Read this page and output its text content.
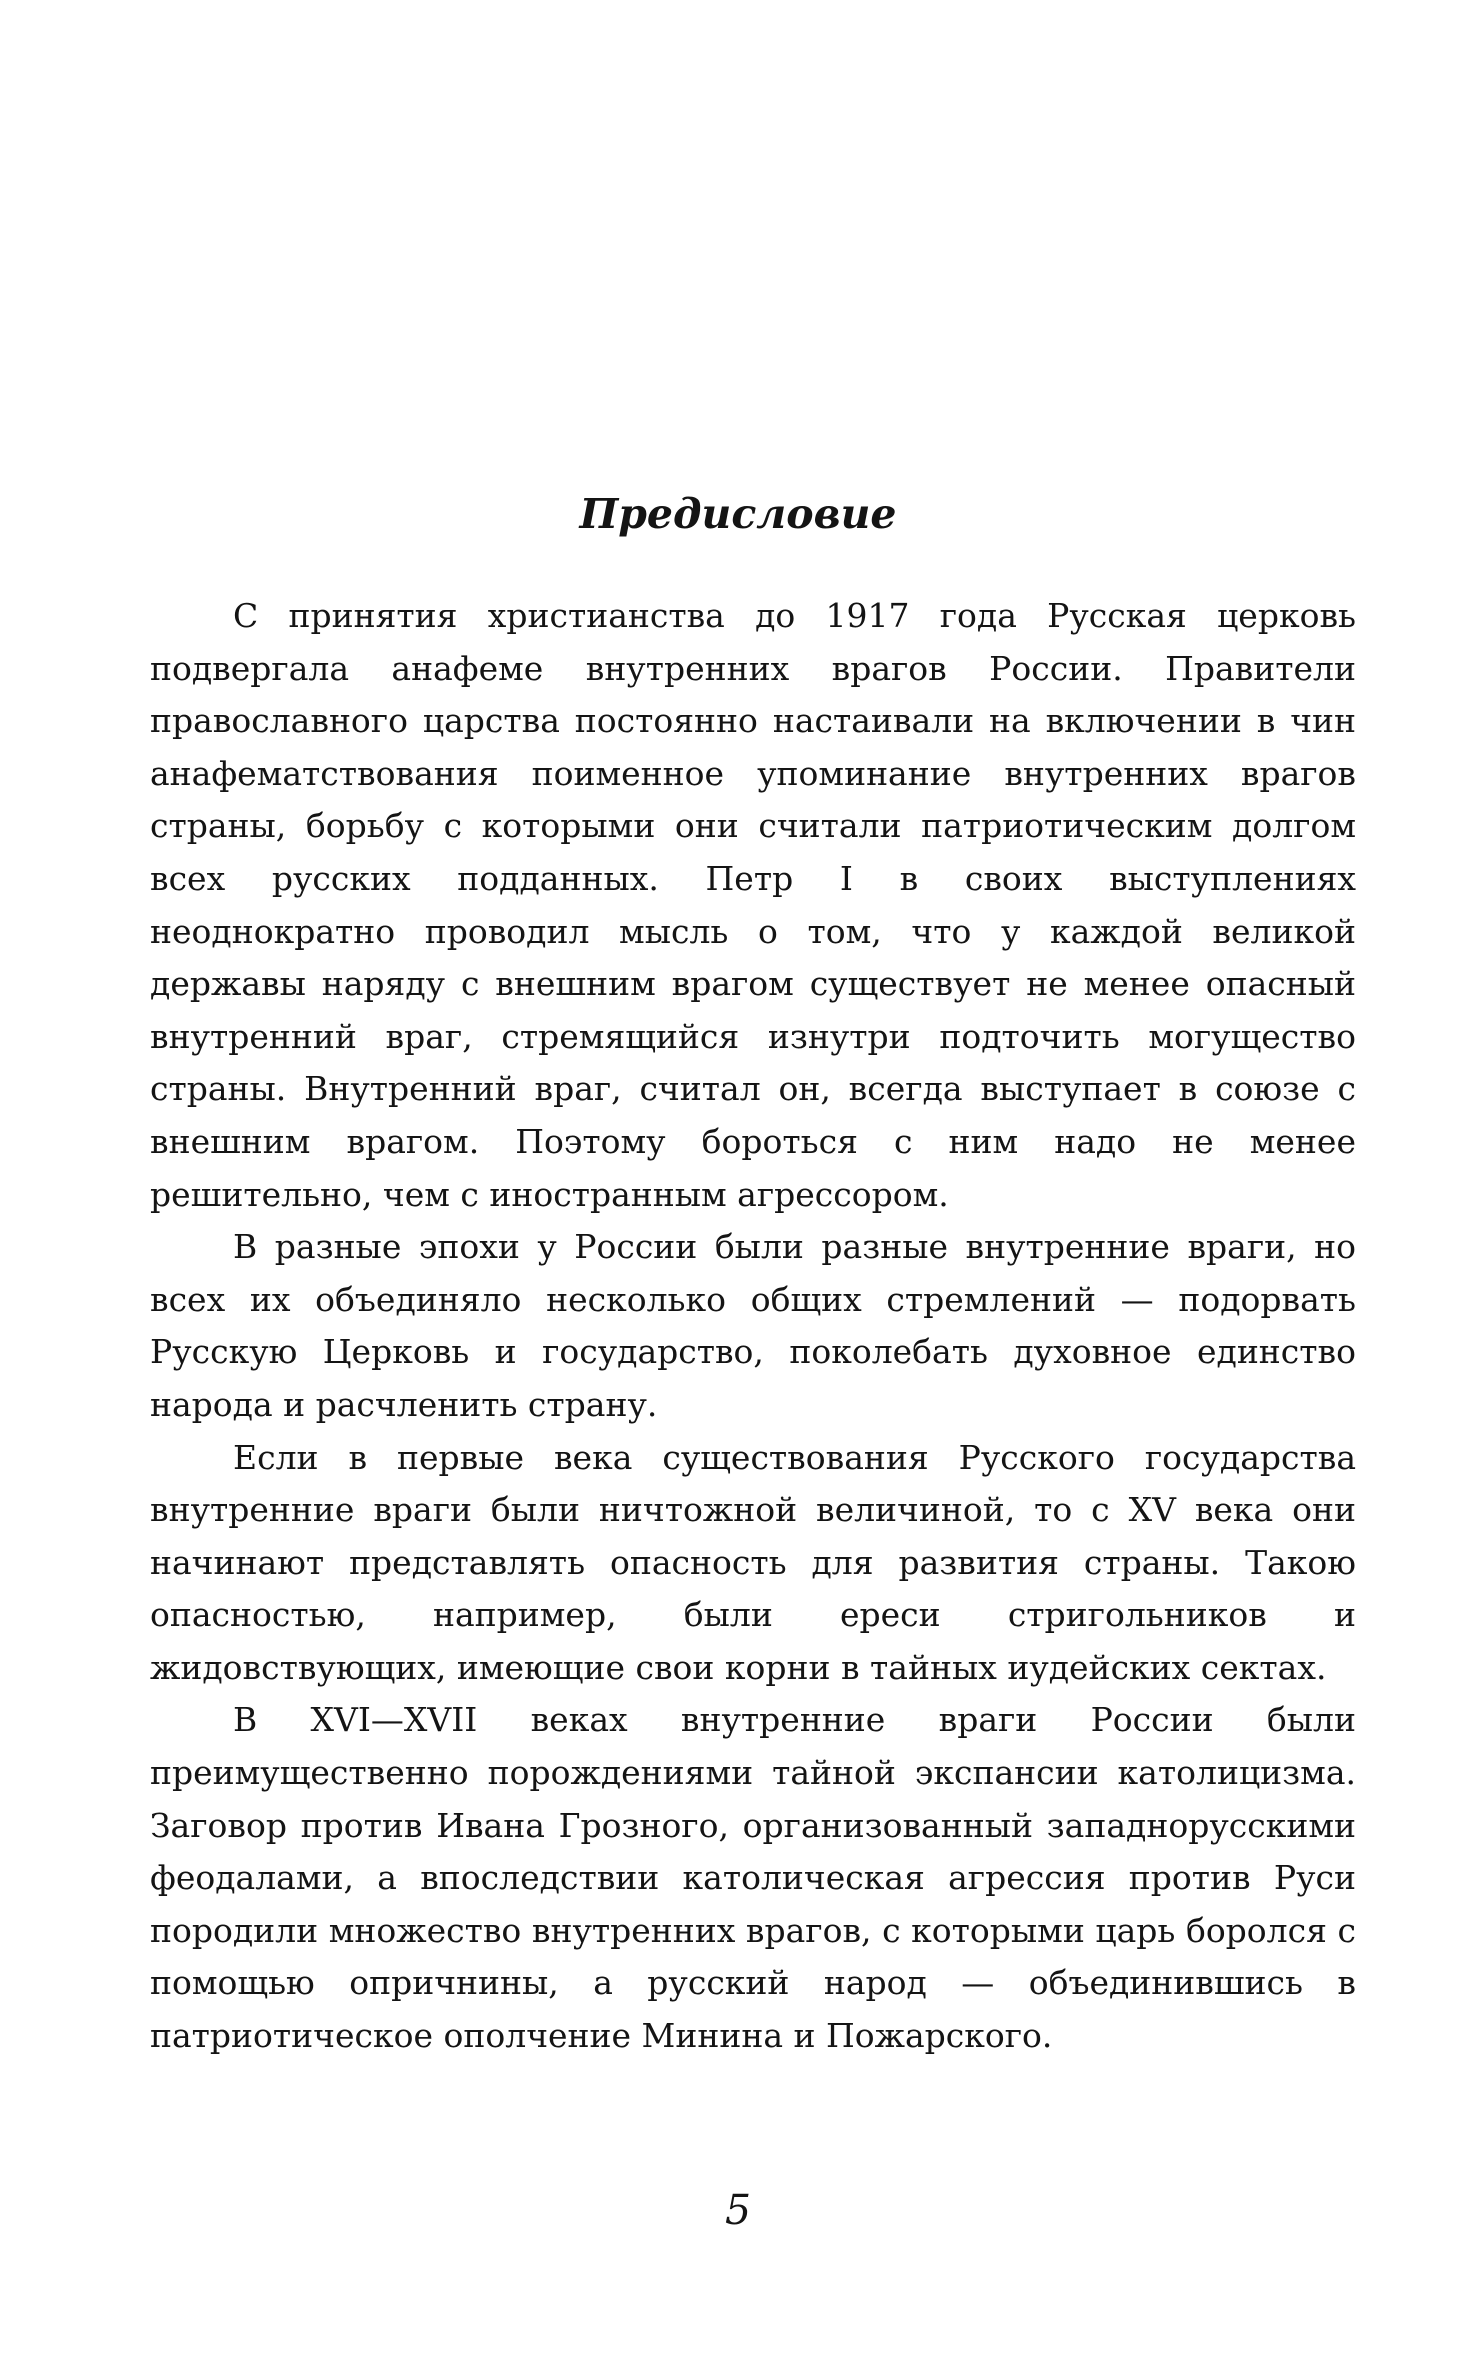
Предисловие

С принятия христианства до 1917 года Русская церковь подвергала анафеме внутренних врагов России. Правители православного царства постоянно настаивали на включении в чин анафематствования поименное упоминание внутренних врагов страны, борьбу с которыми они считали патриотическим долгом всех русских подданных. Петр I в своих выступлениях неоднократно проводил мысль о том, что у каждой великой державы наряду с внешним врагом существует не менее опасный внутренний враг, стремящийся изнутри подточить могущество страны. Внутренний враг, считал он, всегда выступает в союзе с внешним врагом. Поэтому бороться с ним надо не менее решительно, чем с иностранным агрессором.

В разные эпохи у России были разные внутренние враги, но всех их объединяло несколько общих стремлений — подорвать Русскую Церковь и государство, поколебать духовное единство народа и расчленить страну.

Если в первые века существования Русского государства внутренние враги были ничтожной величиной, то с XV века они начинают представлять опасность для развития страны. Такою опасностью, например, были ереси стригольников и жидовствующих, имеющие свои корни в тайных иудейских сектах.

В XVI—XVII веках внутренние враги России были преимущественно порождениями тайной экспансии католицизма. Заговор против Ивана Грозного, организованный западнорусскими феодалами, а впоследствии католическая агрессия против Руси породили множество внутренних врагов, с которыми царь боролся с помощью опричнины, а русский народ — объединившись в патриотическое ополчение Минина и Пожарского.

5
